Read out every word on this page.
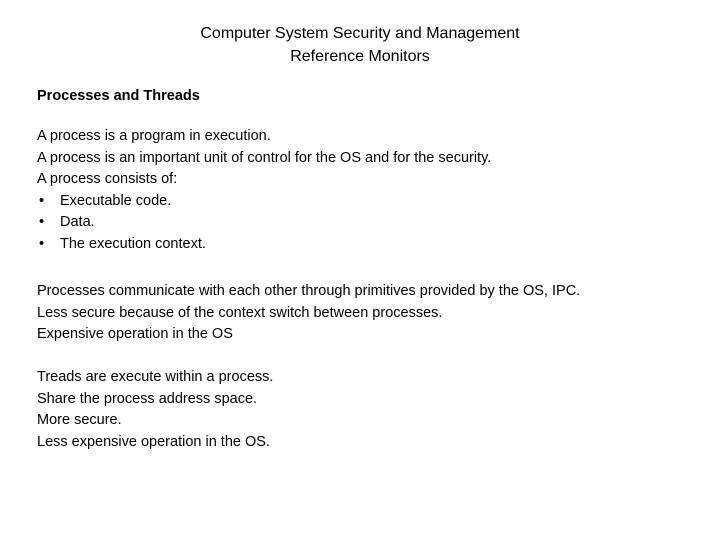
Computer System Security and Management
Reference Monitors
Processes and Threads
A process is a program in execution.
A process is an important unit of control for the OS and for the security.
A process consists of:
•	Executable code.
•	Data.
•	The execution context.
Processes communicate with each other through primitives provided by the OS, IPC.
Less secure because of the context switch between processes.
Expensive operation in the OS
Treads are execute within a process.
Share the process address space.
More secure.
Less expensive operation in the OS.
